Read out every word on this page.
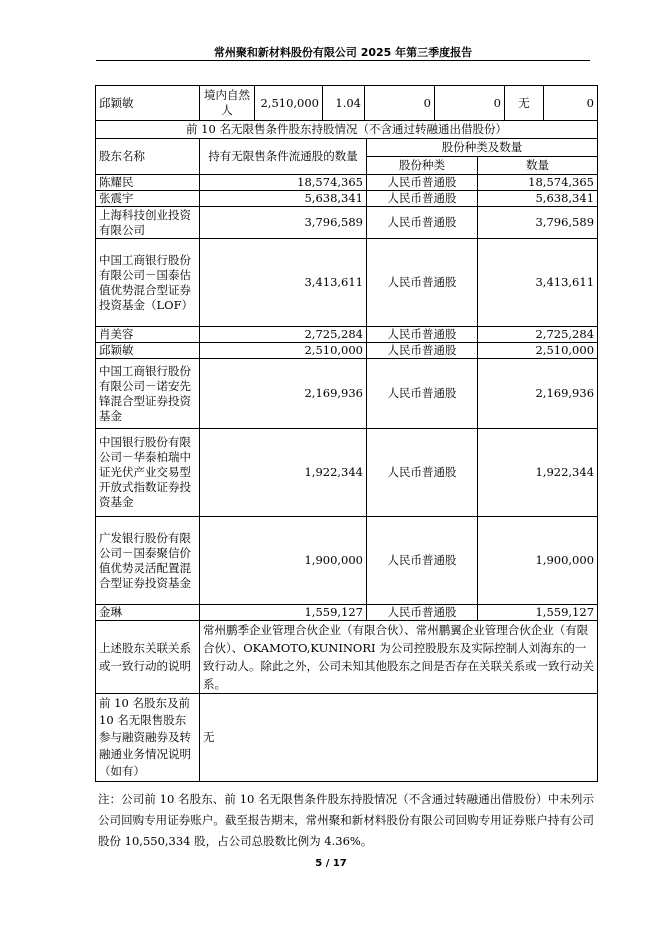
常州聚和新材料股份有限公司 2025 年第三季度报告
邱颖敏	境内自然人	2,510,000	1.04	0	0	无	0
前 10 名无限售条件股东持股情况（不含通过转融通出借股份）			
股东名称	持有无限售条件流通股的数量	股份种类及数量	
		股份种类	数量
陈耀民	18,574,365	人民币普通股	18,574,365
张震宇	5,638,341	人民币普通股	5,638,341
上海科技创业投资有限公司	3,796,589	人民币普通股	3,796,589
中国工商银行股份有限公司－国泰估值优势混合型证券投资基金（LOF）	3,413,611	人民币普通股	3,413,611
肖美容	2,725,284	人民币普通股	2,725,284
邱颖敏	2,510,000	人民币普通股	2,510,000
中国工商银行股份有限公司－诺安先锋混合型证券投资基金	2,169,936	人民币普通股	2,169,936
中国银行股份有限公司－华泰柏瑞中证光伏产业交易型开放式指数证券投资基金	1,922,344	人民币普通股	1,922,344
广发银行股份有限公司－国泰聚信价值优势灵活配置混合型证券投资基金	1,900,000	人民币普通股	1,900,000
金琳	1,559,127	人民币普通股	1,559,127
上述股东关联关系或一致行动的说明	常州鹏季企业管理合伙企业（有限合伙）、常州鹏翼企业管理合伙企业（有限合伙）、OKAMOTO,KUNINORI 为公司控股股东及实际控制人刘海东的一致行动人。除此之外，公司未知其他股东之间是否存在关联关系或一致行动关系。		
前 10 名股东及前 10 名无限售股东参与融资融券及转融通业务情况说明（如有）	无		
注：公司前 10 名股东、前 10 名无限售条件股东持股情况（不含通过转融通出借股份）中未列示公司回购专用证券账户。截至报告期末，常州聚和新材料股份有限公司回购专用证券账户持有公司股份 10,550,334 股，占公司总股数比例为 4.36%。
5 / 17
